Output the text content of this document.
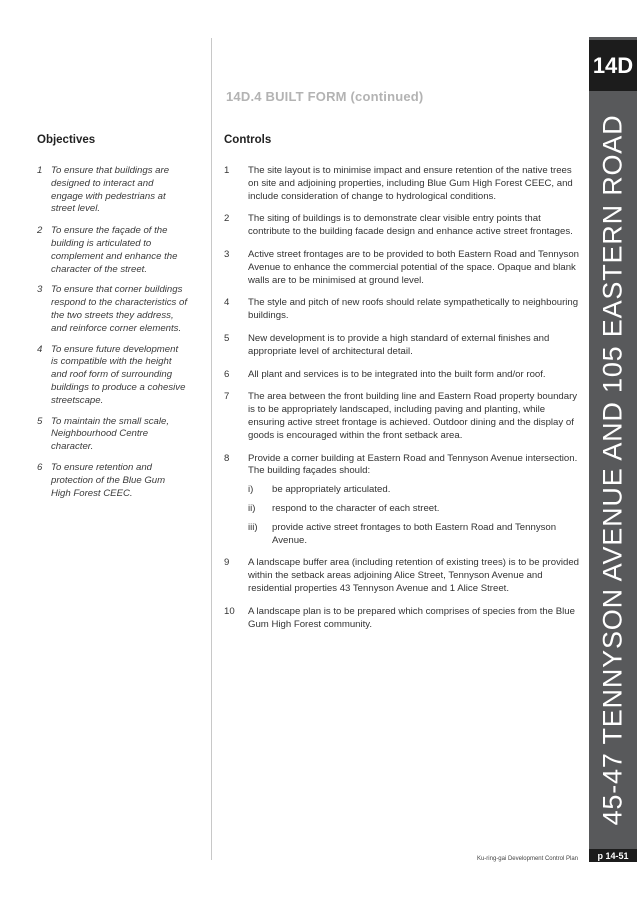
14D.4 BUILT FORM (continued)
Objectives	Controls
1 To ensure that buildings are designed to interact and engage with pedestrians at street level.
2 To ensure the façade of the building is articulated to complement and enhance the character of the street.
3 To ensure that corner buildings respond to the characteristics of the two streets they address, and reinforce corner elements.
4 To ensure future development is compatible with the height and roof form of surrounding buildings to produce a cohesive streetscape.
5 To maintain the small scale, Neighbourhood Centre character.
6 To ensure retention and protection of the Blue Gum High Forest CEEC.
1 The site layout is to minimise impact and ensure retention of the native trees on site and adjoining properties, including Blue Gum High Forest CEEC, and include consideration of change to hydrological conditions.
2 The siting of buildings is to demonstrate clear visible entry points that contribute to the building facade design and enhance active street frontages.
3 Active street frontages are to be provided to both Eastern Road and Tennyson Avenue to enhance the commercial potential of the space. Opaque and blank walls are to be minimised at ground level.
4 The style and pitch of new roofs should relate sympathetically to neighbouring buildings.
5 New development is to provide a high standard of external finishes and appropriate level of architectural detail.
6 All plant and services is to be integrated into the built form and/or roof.
7 The area between the front building line and Eastern Road property boundary is to be appropriately landscaped, including paving and planting, while ensuring active street frontage is achieved. Outdoor dining and the display of goods is encouraged within the front setback area.
8 Provide a corner building at Eastern Road and Tennyson Avenue intersection. The building façades should:
i) be appropriately articulated.
ii) respond to the character of each street.
iii) provide active street frontages to both Eastern Road and Tennyson Avenue.
9 A landscape buffer area (including retention of existing trees) is to be provided within the setback areas adjoining Alice Street, Tennyson Avenue and residential properties 43 Tennyson Avenue and 1 Alice Street.
10 A landscape plan is to be prepared which comprises of species from the Blue Gum High Forest community.
14D
45-47 TENNYSON AVENUE AND 105 EASTERN ROAD
Ku-ring-gai Development Control Plan	p 14-51
